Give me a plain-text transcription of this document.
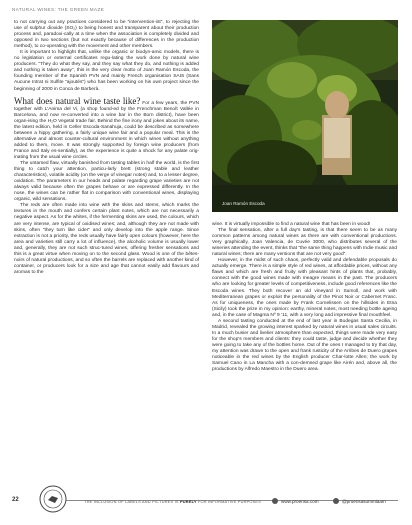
NATURAL WINES: THE GREEN MAZE

to not carrying out any practices considered to be “intervention-ist”, to rejecting the use of sulphur dioxide (SO₂) to being honest and transparent about their production process and, paradoxi-cally at a time when the association is completely divided and opposed in two sections (but not exactly because of differences in the production method), to co-operating with the movement and other members.

It is important to highlight that, unlike the organic or biodyn-amic models, there is no legislation or external certificates regu-lating the work done by natural wine producers. “They do what they say, and they say what they do, and nothing is added and nothing is taken away”, this is the very clear motto of Joan Ramón Escoda, the founding member of the Spanish PVN and mainly French organisation SAIS (Sans Aucune Intrat ni Sulfite “ajoutés”) who has been working on his own project since the beginning of 2000 in Conca de Barberà.

What does natural wine taste like? For a few years, the PVN together with L’Anima del Vi, (a shop found-ed by the Frenchman Benoît Vallée in Barcelona, and now re-converted into a wine bar in the Born district), have been organ-ising the H₂O Vegetal trade fair. Behind the fine irony and jokes about its name, the latest edition, held in Celler Escoda-Sanahuja, could be described as somewhere between a hippy gathering, a fairly unique wine fair and a popular meal. This is the alternative and almost counter-cultural environment in which wines without anything added to them, move. It was strongly supported by foreign wine producers (from France and Italy es-sentially), as the experience is quite a shock for any palate orig-inating from the usual wine circles.

The untamed flaw, virtually banished from tasting tables in half the world, is the first thing to catch your attention, particu-larly brett (strong stable and leather characteristics), volatile acidity (on the verge of vinegar notes) and, to a lesser degree, oxidation. The parameters in our heads and palate regarding grape varieties are not always valid because often the grapes behave or are expressed differently. In the nose, the wines can be rather flat in comparison with conventional wines, displaying organic, wild sensations.

The reds are often made into wine with the skins and stems, which marks the textures in the mouth and confers certain plant notes, which are not necessarily a negative aspect. As for the whites, if the fermenting skins are used, the colours, which are very intense, are typical of oxidised wines; and, although they are not made with skins, often “they turn like cider” and only develop into the apple range. Since extraction is not a priority, the reds usually have fairly open colours (however, here the area and varieties still carry a lot of influence), the alcoholic volume is usually lower and, generally, they are not such struc-tured wines, offering fresher sensations and this is a great virtue when moving on to the second glass. Wood is one of the bêtes-noirs of natural productions, and so often the barrels are replaced with another kind of container, or producers look for a size and age that cannot easily add flavours and aromas to the

Joan Ramón Escoda

wine. It is virtually impossible to find a natural wine that has been in wood!

The final sensation, after a full day’s tasting, is that there seem to be as many common patterns among natural wines as there are with conventional productions. Very graphically, Joan Valencia, de Cuvée 3000, who distributes several of the wineries attending the event, thinks that “the same thing happens with Indie music and natural wines; there are many versions that are not very good”.

However, in the midst of such chaos, perfectly valid and defendable proposals do actually emerge. There is a simple style of red wines, at affordable prices, without any flaws and which are fresh and fruity with pleasant hints of plants that, probably, connect with the good wines made with meagre means in the past. The producers who are looking for greater levels of competitiveness, include good references like the Escoda wines. They both recover an old vineyard in Sumoll, and work with Mediterranean grapes or exploit the personality of the Pinot Noir or Cabernet Franc. As for uniqueness, the ones made by Frank Cornelissen on the hillsides in Etna (Sicily) took the prize in my opinion: earthy, mineral notes, most needing bottle ageing and, in the case of Magma Nº 9 ’11, with a very long and impressive final mouthfeel.

A second tasting conducted at the end of last year in Bodegas Santa Cecilia, in Madrid, revealed the growing interest sparked by natural wines in usual sales circuits. In a much busier and livelier atmosphere than expected, things were made very easy for the shop’s members and clients: they could taste, judge and decide whether they were going to take any of the bottles home. Out of the ones I managed to try that day, my attention was drawn to the open and frank rusticity of the Arribes de Duero grapes noticeable in the red wines by the English producer Char-lotte Allen; the work by Samuel Cano in La Mancha with a con-demned grape like Airén and, above all, the productions by Alfredo Maestro in the Duero area.

22	THE INCLUSION OF LABELS AND PICTURES IS PURELY FOR INFORMATIVE PURPOSES	www.proensa.com	@proensasummiaam
